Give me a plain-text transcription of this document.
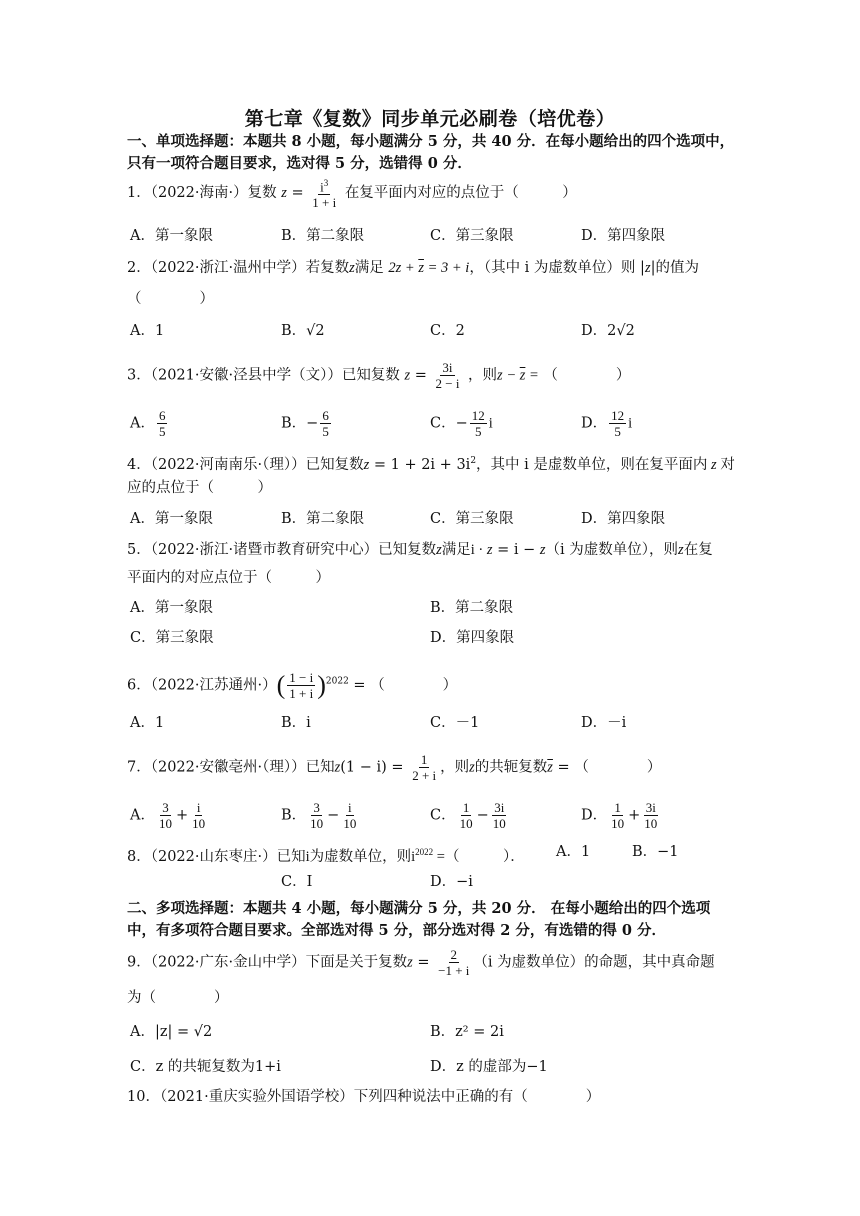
第七章《复数》同步单元必刷卷（培优卷）
一、单项选择题：本题共 8 小题，每小题满分 5 分，共 40 分．在每小题给出的四个选项中，只有一项符合题目要求，选对得 5 分，选错得 0 分．
1．（2022·海南·）复数 $z = \frac{i^3}{1 + i}$ 在复平面内对应的点位于（　　　）
A．第一象限	B．第二象限	C．第三象限	D．第四象限
2．（2022·浙江·温州中学）若复数z满足 $2z + \overline{z} = 3 + i$，（其中 i 为虚数单位）则 |z|的值为
（　　　　）
A．1	B．√2	C．2	D．2√2
3．（2021·安徽·泾县中学（文））已知复数 $z = \frac{3i}{2 - i}$ ，则$z - \overline{z}$ = （　　　　）
A． $\frac{6}{5}$	B．− $\frac{6}{5}$	C．− $\frac{12}{5}$ i	D． $\frac{12}{5}$ i
4．（2022·河南南乐·（理））已知复数$z = 1 + 2i + 3i^2$，其中 i 是虚数单位，则在复平面内 z 对
应的点位于（　　　）
A．第一象限	B．第二象限	C．第三象限	D．第四象限
5．（2022·浙江·诸暨市教育研究中心）已知复数z满足i · z = i − z（i 为虚数单位），则z在复
平面内的对应点位于（　　　）
A．第一象限	B．第二象限
C．第三象限	D．第四象限
6．（2022·江苏通州·）( $\frac{1 - i}{1 + i} )^{2022}$ = （　　　　）
A．1	B．i	C．－1	D．－i
7．（2022·安徽亳州·（理））已知$z(1 - i) = \frac{1}{2 + i}$ ，则z的共轭复数$\overline{z}$ = （　　　　）
A． $\frac{3}{10} + \frac{i}{10}$	B． $\frac{3}{10} - \frac{i}{10}$	C． $\frac{1}{10} - \frac{3i}{10}$	D． $\frac{1}{10} + \frac{3i}{10}$
8．（2022·山东枣庄·）已知i为虚数单位，则$i^{2022}$ =（　　　）． A．1	B．−1
C．I	D．−i
二、多项选择题：本题共 4 小题，每小题满分 5 分，共 20 分． 在每小题给出的四个选项中，有多项符合题目要求。全部选对得 5 分，部分选对得 2 分，有选错的得 0 分．
9．（2022·广东·金山中学）下面是关于复数$z = \frac{2}{-1 + i} (i$ 为虚数单位）的命题，其中真命题
为（　　　　）
A．|z| = √2	B．z² = 2i
C．z 的共轭复数为1+i	D．z 的虚部为−1
10．（2021·重庆实验外国语学校）下列四种说法中正确的有（　　　　）
